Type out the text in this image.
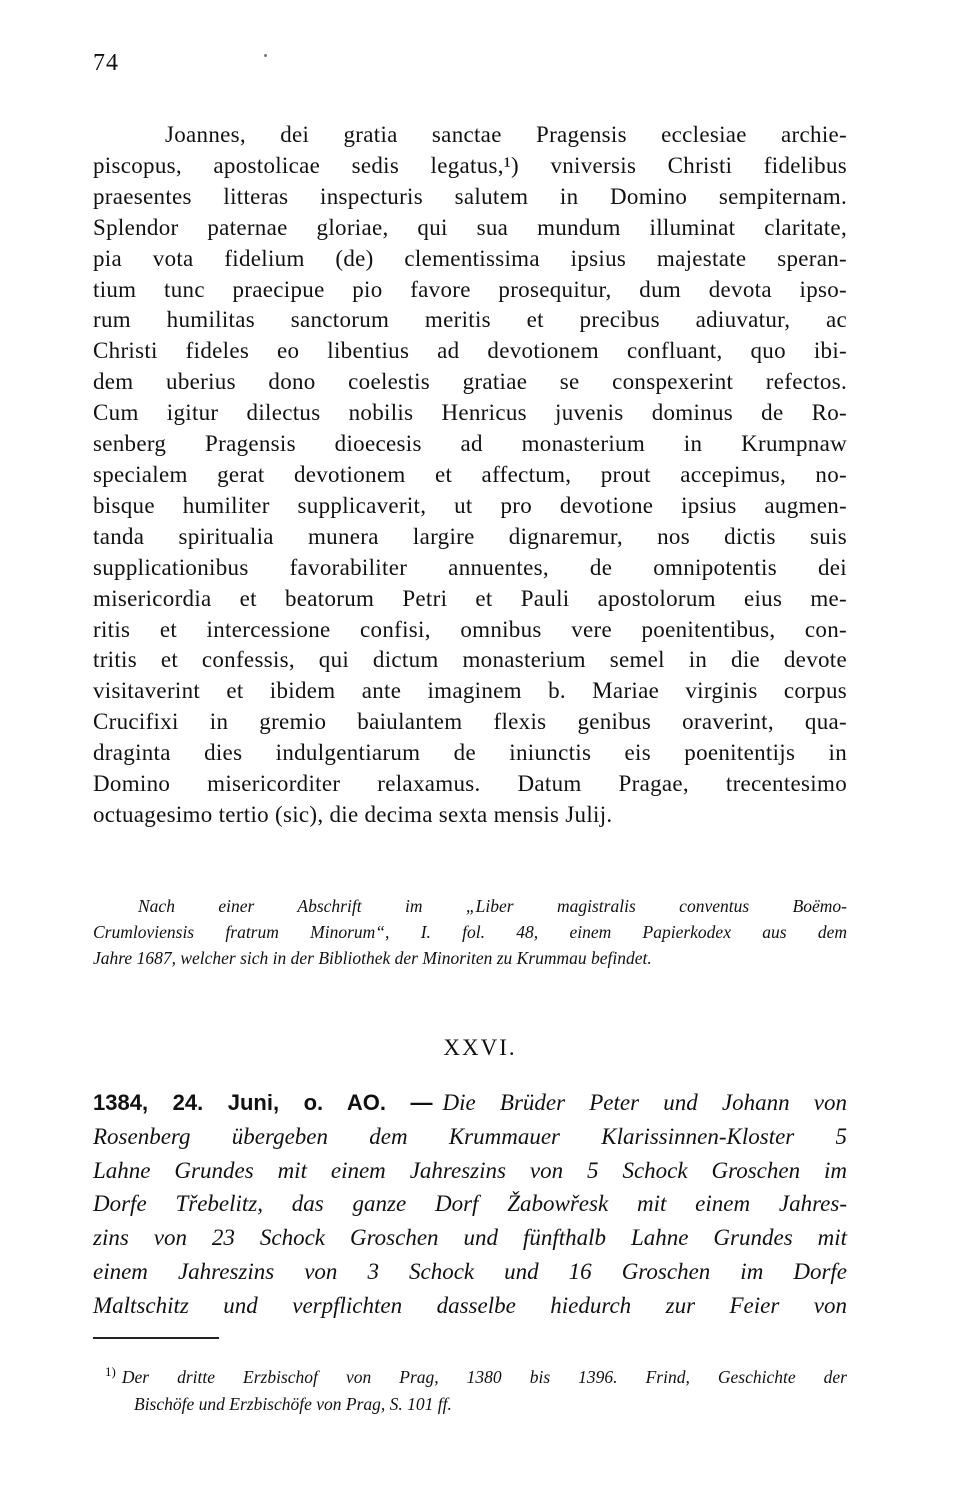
74
Joannes, dei gratia sanctae Pragensis ecclesiae archie-
piscopus, apostolicae sedis legatus,¹) vniversis Christi fidelibus
praesentes litteras inspecturis salutem in Domino sempiternam.
Splendor paternae gloriae, qui sua mundum illuminat claritate,
pia vota fidelium (de) clementissima ipsius majestate speran-
tium tunc praecipue pio favore prosequitur, dum devota ipso-
rum humilitas sanctorum meritis et precibus adiuvatur, ac
Christi fideles eo libentius ad devotionem confluant, quo ibi-
dem uberius dono coelestis gratiae se conspexerint refectos.
Cum igitur dilectus nobilis Henricus juvenis dominus de Ro-
senberg Pragensis dioecesis ad monasterium in Krumpnaw
specialem gerat devotionem et affectum, prout accepimus, no-
bisque humiliter supplicaverit, ut pro devotione ipsius augmen-
tanda spiritualia munera largire dignaremur, nos dictis suis
supplicationibus favorabiliter annuentes, de omnipotentis dei
misericordia et beatorum Petri et Pauli apostolorum eius me-
ritis et intercessione confisi, omnibus vere poenitentibus, con-
tritis et confessis, qui dictum monasterium semel in die devote
visitaverint et ibidem ante imaginem b. Mariae virginis corpus
Crucifixi in gremio baiulantem flexis genibus oraverint, qua-
draginta dies indulgentiarum de iniunctis eis poenitentijs in
Domino misericorditer relaxamus. Datum Pragae, trecentesimo
octuagesimo tertio (sic), die decima sexta mensis Julij.
Nach einer Abschrift im „Liber magistralis conventus Boëmo-
Crumloviensis fratrum Minorum“, I. fol. 48, einem Papierkodex aus dem
Jahre 1687, welcher sich in der Bibliothek der Minoriten zu Krummau befindet.
XXVI.
1384, 24. Juni, o. AO. — Die Brüder Peter und Johann von
Rosenberg übergeben dem Krummauer Klarissinnen-Kloster 5
Lahne Grundes mit einem Jahreszins von 5 Schock Groschen im
Dorfe Třebelitz, das ganze Dorf Žabowřesk mit einem Jahres-
zins von 23 Schock Groschen und fünfthalb Lahne Grundes mit
einem Jahreszins von 3 Schock und 16 Groschen im Dorfe
Maltschitz und verpflichten dasselbe hiedurch zur Feier von
$^{1)}$ Der dritte Erzbischof von Prag, 1380 bis 1396. Frind, Geschichte der
Bischöfe und Erzbischöfe von Prag, S. 101 ff.
